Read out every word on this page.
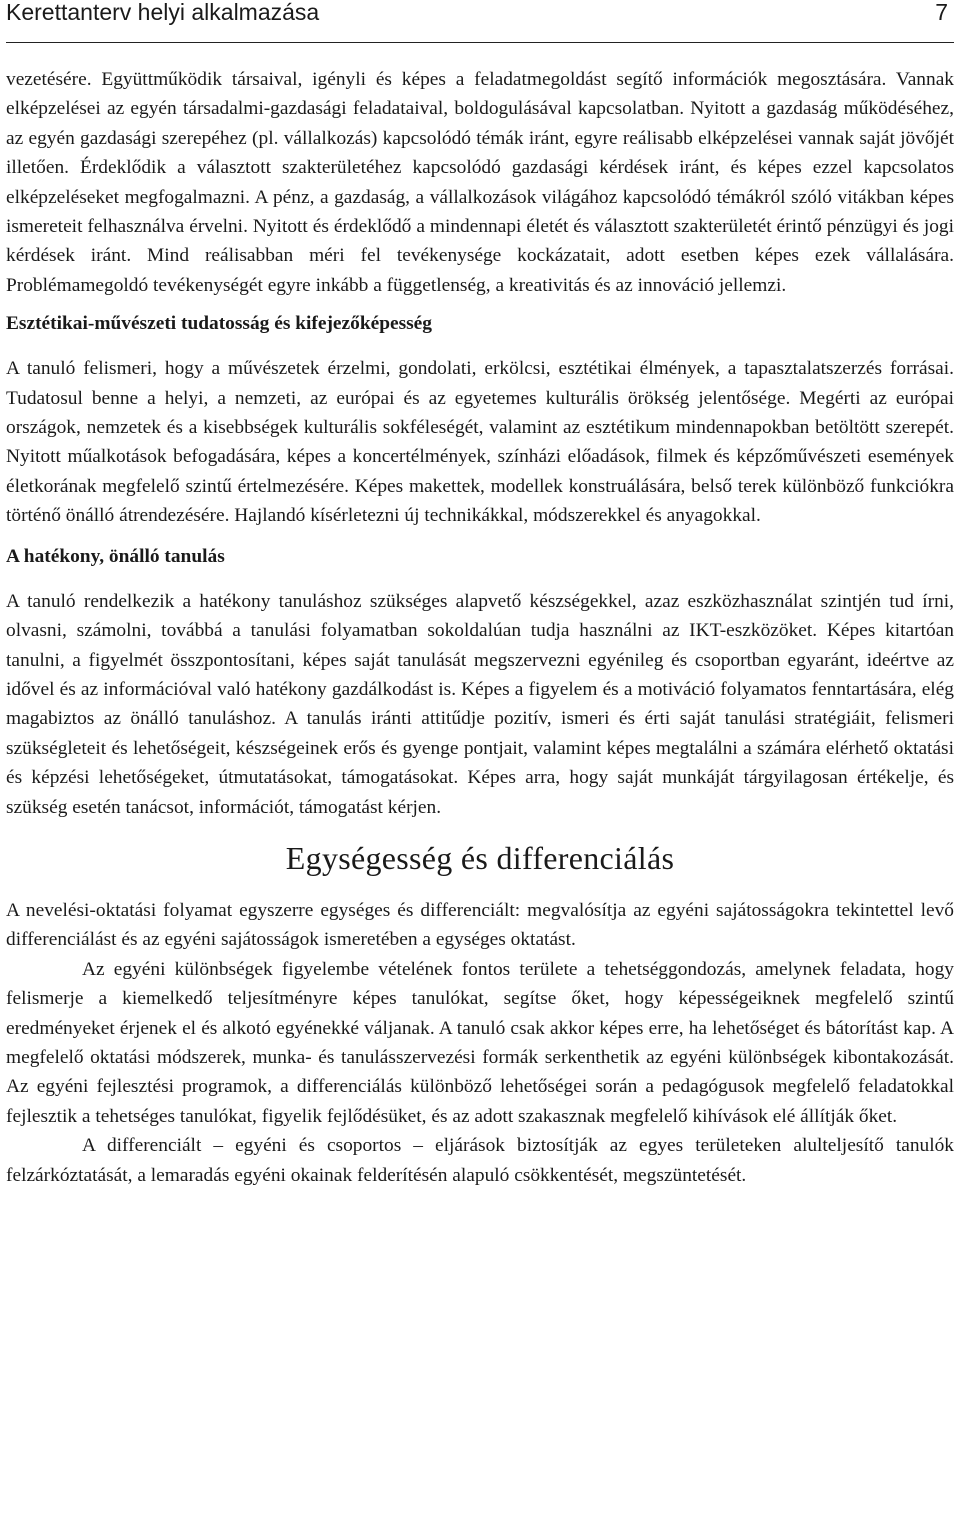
Kerettanterv helyi alkalmazása	7

vezetésére. Együttműködik társaival, igényli és képes a feladatmegoldást segítő információk megosztására. Vannak elképzelései az egyén társadalmi-gazdasági feladataival, boldogulásával kapcsolatban. Nyitott a gazdaság működéséhez, az egyén gazdasági szerepéhez (pl. vállalkozás) kapcsolódó témák iránt, egyre reálisabb elképzelései vannak saját jövőjét illetően. Érdeklődik a választott szakterületéhez kapcsolódó gazdasági kérdések iránt, és képes ezzel kapcsolatos elképzeléseket megfogalmazni. A pénz, a gazdaság, a vállalkozások világához kapcsolódó témákról szóló vitákban képes ismereteit felhasználva érvelni. Nyitott és érdeklődő a mindennapi életét és választott szakterületét érintő pénzügyi és jogi kérdések iránt. Mind reálisabban méri fel tevékenysége kockázatait, adott esetben képes ezek vállalására. Problémamegoldó tevékenységét egyre inkább a függetlenség, a kreativitás és az innováció jellemzi.

Esztétikai-művészeti tudatosság és kifejezőképesség

A tanuló felismeri, hogy a művészetek érzelmi, gondolati, erkölcsi, esztétikai élmények, a tapasztalatszerzés forrásai. Tudatosul benne a helyi, a nemzeti, az európai és az egyetemes kulturális örökség jelentősége. Megérti az európai országok, nemzetek és a kisebbségek kulturális sokféleségét, valamint az esztétikum mindennapokban betöltött szerepét. Nyitott műalkotások befogadására, képes a koncertélmények, színházi előadások, filmek és képzőművészeti események életkorának megfelelő szintű értelmezésére. Képes makettek, modellek konstruálására, belső terek különböző funkciókra történő önálló átrendezésére. Hajlandó kísérletezni új technikákkal, módszerekkel és anyagokkal.

A hatékony, önálló tanulás

A tanuló rendelkezik a hatékony tanuláshoz szükséges alapvető készségekkel, azaz eszközhasználat szintjén tud írni, olvasni, számolni, továbbá a tanulási folyamatban sokoldalúan tudja használni az IKT-eszközöket. Képes kitartóan tanulni, a figyelmét összpontosítani, képes saját tanulását megszervezni egyénileg és csoportban egyaránt, ideértve az idővel és az információval való hatékony gazdálkodást is. Képes a figyelem és a motiváció folyamatos fenntartására, elég magabiztos az önálló tanuláshoz. A tanulás iránti attitűdje pozitív, ismeri és érti saját tanulási stratégiáit, felismeri szükségleteit és lehetőségeit, készségeinek erős és gyenge pontjait, valamint képes megtalálni a számára elérhető oktatási és képzési lehetőségeket, útmutatásokat, támogatásokat. Képes arra, hogy saját munkáját tárgyilagosan értékelje, és szükség esetén tanácsot, információt, támogatást kérjen.

Egységesség és differenciálás

A nevelési-oktatási folyamat egyszerre egységes és differenciált: megvalósítja az egyéni sajátosságokra tekintettel levő differenciálást és az egyéni sajátosságok ismeretében a egységes oktatást.

Az egyéni különbségek figyelembe vételének fontos területe a tehetséggondozás, amelynek feladata, hogy felismerje a kiemelkedő teljesítményre képes tanulókat, segítse őket, hogy képességeiknek megfelelő szintű eredményeket érjenek el és alkotó egyénekké váljanak. A tanuló csak akkor képes erre, ha lehetőséget és bátorítást kap. A megfelelő oktatási módszerek, munka- és tanulásszervezési formák serkenthetik az egyéni különbségek kibontakozását. Az egyéni fejlesztési programok, a differenciálás különböző lehetőségei során a pedagógusok megfelelő feladatokkal fejlesztik a tehetséges tanulókat, figyelik fejlődésüket, és az adott szakasznak megfelelő kihívások elé állítják őket.

A differenciált – egyéni és csoportos – eljárások biztosítják az egyes területeken alulteljesítő tanulók felzárkóztatását, a lemaradás egyéni okainak felderítésén alapuló csökkentését, megszüntetését.
